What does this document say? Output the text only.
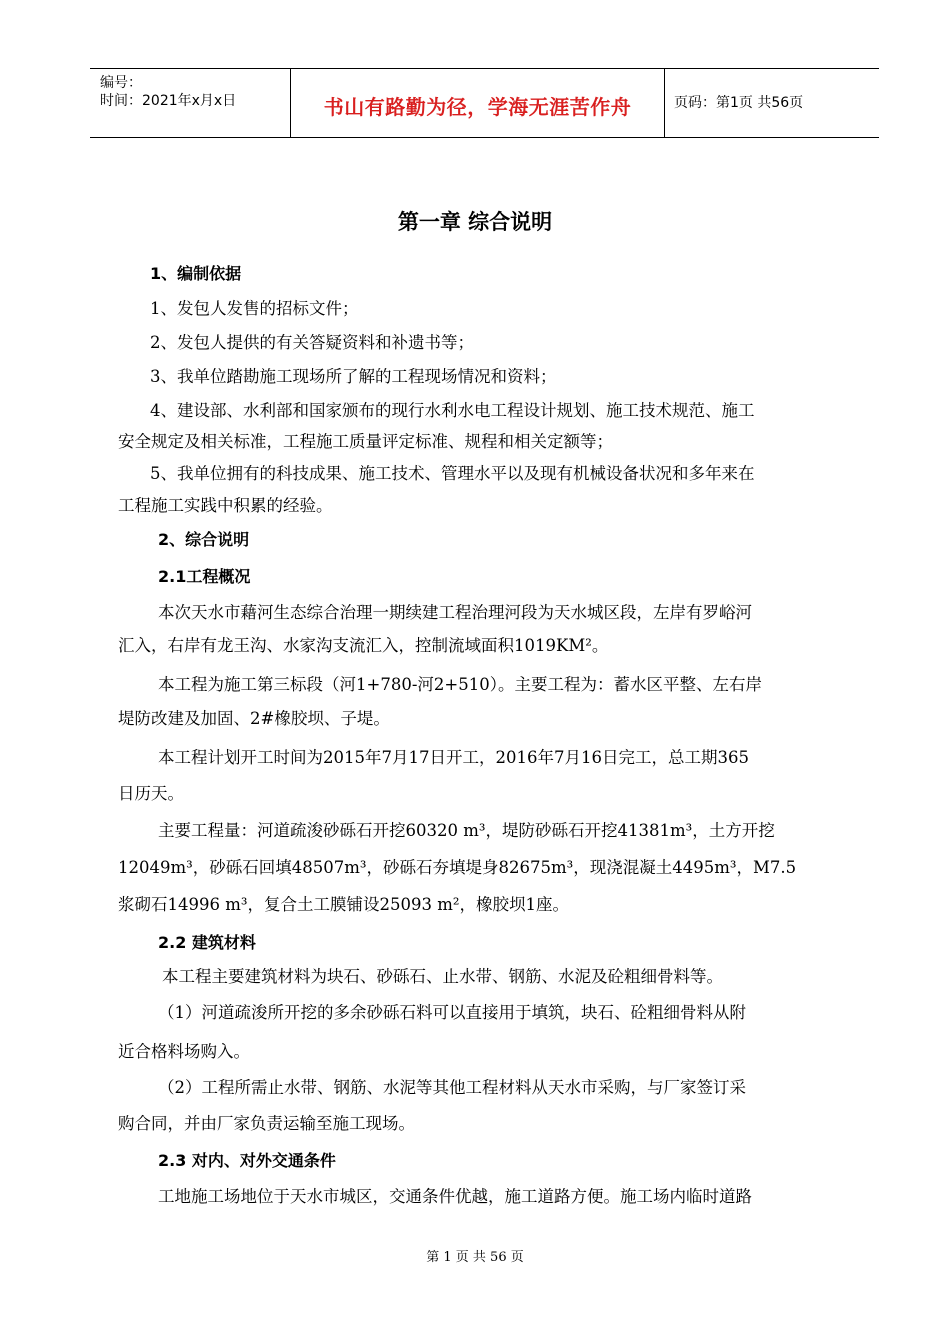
编号：
时间：2021年x月x日	书山有路勤为径，学海无涯苦作舟	页码：第1页 共56页
第一章 综合说明
1、编制依据
1、发包人发售的招标文件；
2、发包人提供的有关答疑资料和补遗书等；
3、我单位踏勘施工现场所了解的工程现场情况和资料；
4、建设部、水利部和国家颁布的现行水利水电工程设计规划、施工技术规范、施工
安全规定及相关标准，工程施工质量评定标准、规程和相关定额等；
5、我单位拥有的科技成果、施工技术、管理水平以及现有机械设备状况和多年来在
工程施工实践中积累的经验。
2、综合说明
2.1工程概况
本次天水市藉河生态综合治理一期续建工程治理河段为天水城区段，左岸有罗峪河
汇入，右岸有龙王沟、水家沟支流汇入，控制流域面积1019KM²。
本工程为施工第三标段（河1+780-河2+510）。主要工程为：蓄水区平整、左右岸
堤防改建及加固、2#橡胶坝、子堤。
本工程计划开工时间为2015年7月17日开工，2016年7月16日完工，总工期365
日历天。
主要工程量：河道疏浚砂砾石开挖60320 m³，堤防砂砾石开挖41381m³，土方开挖
12049m³，砂砾石回填48507m³，砂砾石夯填堤身82675m³，现浇混凝土4495m³，M7.5
浆砌石14996 m³，复合土工膜铺设25093 m²，橡胶坝1座。
2.2 建筑材料
本工程主要建筑材料为块石、砂砾石、止水带、钢筋、水泥及砼粗细骨料等。
（1）河道疏浚所开挖的多余砂砾石料可以直接用于填筑，块石、砼粗细骨料从附
近合格料场购入。
（2）工程所需止水带、钢筋、水泥等其他工程材料从天水市采购，与厂家签订采
购合同，并由厂家负责运输至施工现场。
2.3 对内、对外交通条件
工地施工场地位于天水市城区，交通条件优越，施工道路方便。施工场内临时道路
第 1 页 共 56 页
